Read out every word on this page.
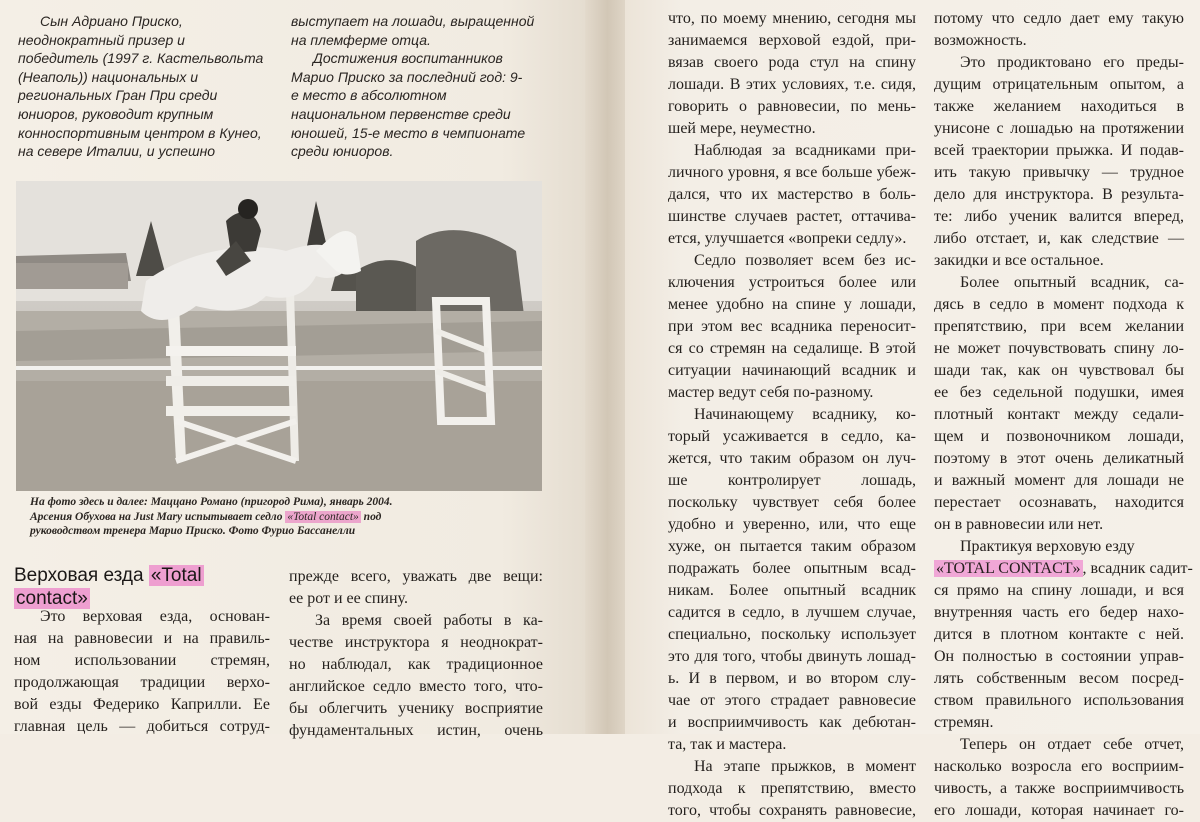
Сын Адриано Приско,

неоднократный призер и

победитель (1997 г. Кастельвольта

(Неаполь)) национальных и

региональных Гран При среди

юниоров, руководит крупным

конноспортивным центром в Кунео,

на севере Италии, и успешно

выступает на лошади, выращенной

на племферме отца.

Достижения воспитанников

Марио Приско за последний год: 9-

е место в абсолютном

национальном первенстве среди

юношей, 15-е место в чемпионате

среди юниоров.

На фото здесь и далее: Маццано Романо (пригород Рима), январь 2004.
Арсения Обухова на Just Mary испытывает седло «Total contact» под
руководством тренера Марио Приско. Фото Фурио Бассанелли
Верховая езда «Total
contact»
Это верховая езда, основан-
ная на равновесии и на правиль-
ном использовании стремян,
продолжающая традиции верхо-
вой езды Федерико Каприлли. Ее
главная цель — добиться сотруд-
прежде всего, уважать две вещи:
ее рот и ее спину.
За время своей работы в ка-
честве инструктора я неоднократ-
но наблюдал, как традиционное
английское седло вместо того, что-
бы облегчить ученику восприятие
фундаментальных истин, очень
что, по моему мнению, сегодня мы
занимаемся верховой ездой, при-
вязав своего рода стул на спину
лошади. В этих условиях, т.е. сидя,
говорить о равновесии, по мень-
шей мере, неуместно.
Наблюдая за всадниками при-
личного уровня, я все больше убеж-
дался, что их мастерство в боль-
шинстве случаев растет, оттачива-
ется, улучшается «вопреки седлу».
Седло позволяет всем без ис-
ключения устроиться более или
менее удобно на спине у лошади,
при этом вес всадника переносит-
ся со стремян на седалище. В этой
ситуации начинающий всадник и
мастер ведут себя по-разному.
Начинающему всаднику, ко-
торый усаживается в седло, ка-
жется, что таким образом он луч-
ше контролирует лошадь,
поскольку чувствует себя более
удобно и уверенно, или, что еще
хуже, он пытается таким образом
подражать более опытным всад-
никам. Более опытный всадник
садится в седло, в лучшем случае,
специально, поскольку использует
это для того, чтобы двинуть лошад-
ь. И в первом, и во втором слу-
чае от этого страдает равновесие
и восприимчивость как дебютан-
та, так и мастера.
На этапе прыжков, в момент
подхода к препятствию, вместо
того, чтобы сохранять равновесие,
потому что седло дает ему такую
возможность.
Это продиктовано его преды-
дущим отрицательным опытом, а
также желанием находиться в
унисоне с лошадью на протяжении
всей траектории прыжка. И подав-
ить такую привычку — трудное
дело для инструктора. В результа-
те: либо ученик валится вперед,
либо отстает, и, как следствие —
закидки и все остальное.
Более опытный всадник, са-
дясь в седло в момент подхода к
препятствию, при всем желании
не может почувствовать спину ло-
шади так, как он чувствовал бы
ее без седельной подушки, имея
плотный контакт между седали-
щем и позвоночником лошади,
поэтому в этот очень деликатный
и важный момент для лошади не
перестает осознавать, находится
он в равновесии или нет.
Практикуя верховую езду
«TOTAL CONTACT» , всадник садит-
ся прямо на спину лошади, и вся
внутренняя часть его бедер нахо-
дится в плотном контакте с ней.
Он полностью в состоянии управ-
лять собственным весом посред-
ством правильного использования
стремян.
Теперь он отдает себе отчет,
насколько возросла его восприим-
чивость, а также восприимчивость
его лошади, которая начинает го-
